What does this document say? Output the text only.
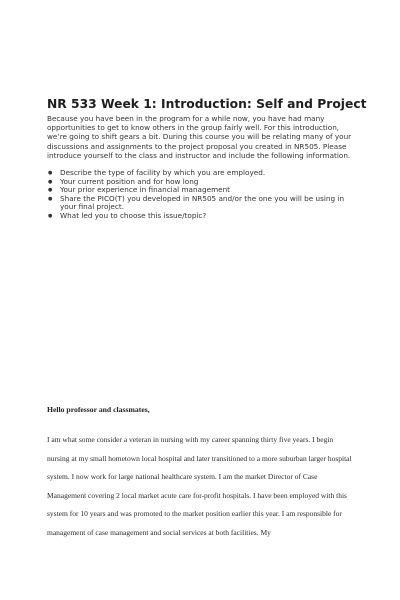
NR 533 Week 1: Introduction: Self and Project

Because you have been in the program for a while now, you have had many opportunities to get to know others in the group fairly well. For this introduction, we’re going to shift gears a bit. During this course you will be relating many of your discussions and assignments to the project proposal you created in NR505. Please introduce yourself to the class and instructor and include the following information.

● Describe the type of facility by which you are employed.
● Your current position and for how long
● Your prior experience in financial management
● Share the PICO(T) you developed in NR505 and/or the one you will be using in your final project.
● What led you to choose this issue/topic?

Hello professor and classmates,

I am what some consider a veteran in nursing with my career spanning thirty five years. I begin nursing at my small hometown local hospital and later transitioned to a more suburban larger hospital system. I now work for large national healthcare system. I am the market Director of Case Management covering 2 local market acute care for-profit hospitals. I have been employed with this system for 10 years and was promoted to the market position earlier this year. I am responsible for management of case management and social services at both facilities. My
